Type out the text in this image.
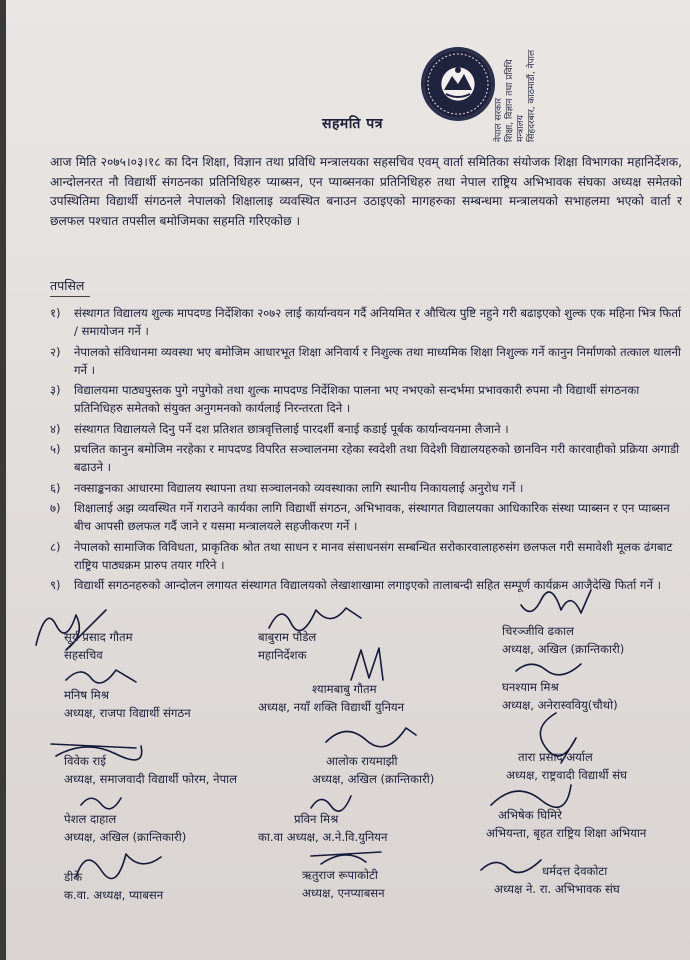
नेपाल सरकार
शिक्षा, विज्ञान तथा प्रविधि मन्त्रालय
सिंहदरबार, काठमाडौं, नेपाल
सहमति पत्र
आज मिति २०७५।०३।१८ का दिन शिक्षा, विज्ञान तथा प्रविधि मन्त्रालयका सहसचिव एवम् वार्ता समितिका संयोजक शिक्षा विभागका महानिर्देशक, आन्दोलनरत नौ विद्यार्थी संगठनका प्रतिनिधिहरु प्याब्सन, एन प्याब्सनका प्रतिनिधिहरु तथा नेपाल राष्ट्रिय अभिभावक संघका अध्यक्ष समेतको उपस्थितिमा विद्यार्थी संगठनले नेपालको शिक्षालाइ व्यवस्थित बनाउन उठाइएको मागहरुका सम्बन्धमा मन्त्रालयको सभाहलमा भएको वार्ता र छलफल पश्चात तपसील बमोजिमका सहमति गरिएकोछ ।
तपसिल
१) संस्थागत विद्यालय शुल्क मापदण्ड निर्देशिका २०७२ लाई कार्यान्वयन गर्दै अनियमित र औचित्य पुष्टि नहुने गरी बढाइएको शुल्क एक महिना भित्र फिर्ता / समायोजन गर्ने ।
२) नेपालको संविधानमा व्यवस्था भए बमोजिम आधारभूत शिक्षा अनिवार्य र निशुल्क तथा माध्यमिक शिक्षा निशुल्क गर्ने कानुन निर्माणको तत्काल थालनी गर्ने ।
३) विद्यालयमा पाठ्यपुस्तक पुगे नपुगेको तथा शुल्क मापदण्ड निर्देशिका पालना भए नभएको सन्दर्भमा प्रभावकारी रुपमा नौ विद्यार्थी संगठनका प्रतिनिधिहरु समेतको संयुक्त अनुगमनको कार्यलाई निरन्तरता दिने ।
४) संस्थागत विद्यालयले दिनु पर्ने दश प्रतिशत छात्रवृत्तिलाई पारदर्शी बनाई कडाई पूर्बक कार्यान्वयनमा लैजाने ।
५) प्रचलित कानुन बमोजिम नरहेका र मापदण्ड विपरित सञ्चालनमा रहेका स्वदेशी तथा विदेशी विद्यालयहरुको छानविन गरी कारवाहीको प्रक्रिया अगाडी बढाउने ।
६) नक्साङ्कनका आधारमा विद्यालय स्थापना तथा सञ्चालनको व्यवस्थाका लागि स्थानीय निकायलाई अनुरोध गर्ने ।
७) शिक्षालाई अझ व्यवस्थित गर्ने गराउने कार्यका लागि विद्यार्थी संगठन, अभिभावक, संस्थागत विद्यालयका आधिकारिक संस्था प्याब्सन र एन प्याब्सन बीच आपसी छलफल गर्दै जाने र यसमा मन्त्रालयले सहजीकरण गर्ने ।
८) नेपालको सामाजिक विविधता, प्राकृतिक श्रोत तथा साधन र मानव संसाधनसंग सम्बन्धित सरोकारवालाहरुसंग छलफल गरी समावेशी मूलक ढंगबाट राष्ट्रिय पाठ्यक्रम प्रारुप तयार गरिने ।
९) विद्यार्थी सगठनहरुको आन्दोलन लगायत संस्थागत विद्यालयको लेखाशाखामा लगाइएको तालाबन्दी सहित सम्पूर्ण कार्यक्रम आजैदेखि फिर्ता गर्ने ।
सूर्य प्रसाद गौतम
सहसचिव
बाबुराम पौडेल
महानिर्देशक
चिरञ्जीवि ढकाल
अध्यक्ष, अखिल (क्रान्तिकारी)
मनिष मिश्र
अध्यक्ष, राजपा विद्यार्थी संगठन
श्यामबाबु गौतम
अध्यक्ष, नयाँ शक्ति विद्यार्थी युनियन
घनश्याम मिश्र
अध्यक्ष, अनेरास्ववियु(चौथो)
विवेक राई
अध्यक्ष, समाजवादी विद्यार्थी फोरम, नेपाल
आलोक रायमाझी
अध्यक्ष, अखिल (क्रान्तिकारी)
तारा प्रसाद अर्याल
अध्यक्ष, राष्ट्रवादी विद्यार्थी संघ
पेशल दाहाल
अध्यक्ष, अखिल (क्रान्तिकारी)
प्रविन मिश्र
का.वा अध्यक्ष, अ.ने.वि.युनियन
अभिषेक घिमिरे
अभियन्ता, बृहत राष्ट्रिय शिक्षा अभियान
डीके
क.वा. अध्यक्ष, प्याबसन
ऋतुराज रूपाकोटी
अध्यक्ष, एनप्याबसन
धर्मदत्त देवकोटा
अध्यक्ष ने. रा. अभिभावक संघ
